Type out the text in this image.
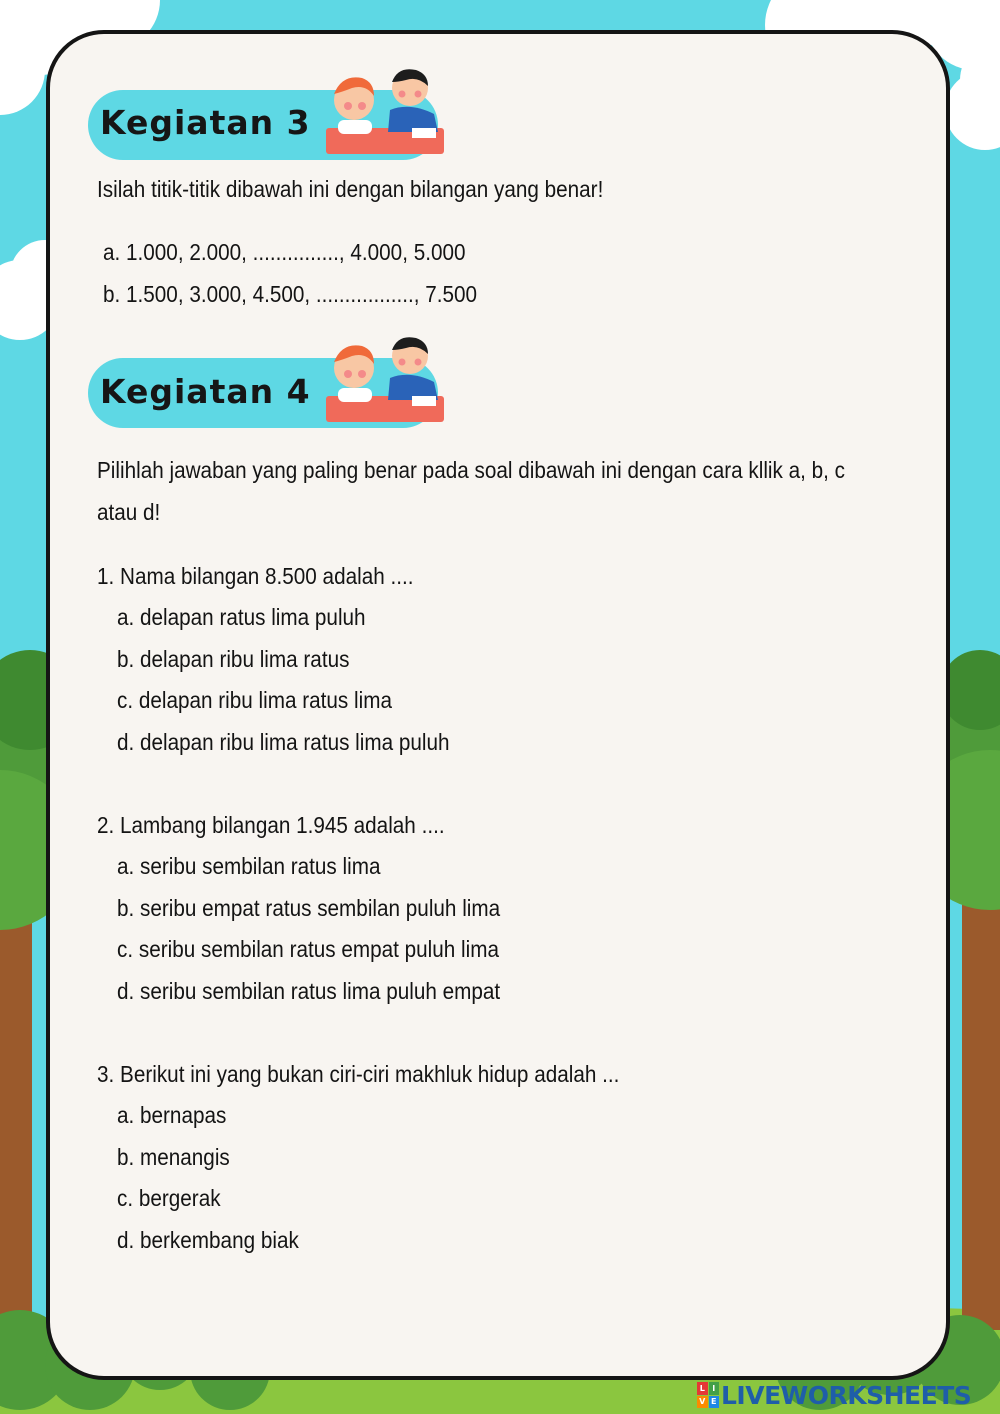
Kegiatan 3
Isilah titik-titik dibawah ini dengan bilangan yang benar!
a. 1.000, 2.000, ..............., 4.000, 5.000
b. 1.500, 3.000, 4.500, ................., 7.500
Kegiatan 4
Pilihlah jawaban yang paling benar pada soal dibawah ini dengan cara kllik a, b, c
atau d!
1. Nama bilangan 8.500 adalah ....
a. delapan ratus lima puluh
b. delapan ribu lima ratus
c. delapan ribu lima ratus lima
d. delapan ribu lima ratus lima puluh
2. Lambang bilangan 1.945 adalah ....
a. seribu sembilan ratus lima
b. seribu empat ratus sembilan puluh lima
c. seribu sembilan ratus empat puluh lima
d. seribu sembilan ratus lima puluh empat
3. Berikut ini yang bukan ciri-ciri makhluk hidup adalah ...
a. bernapas
b. menangis
c. bergerak
d. berkembang biak
L I
V E LIVEWORKSHEETS
